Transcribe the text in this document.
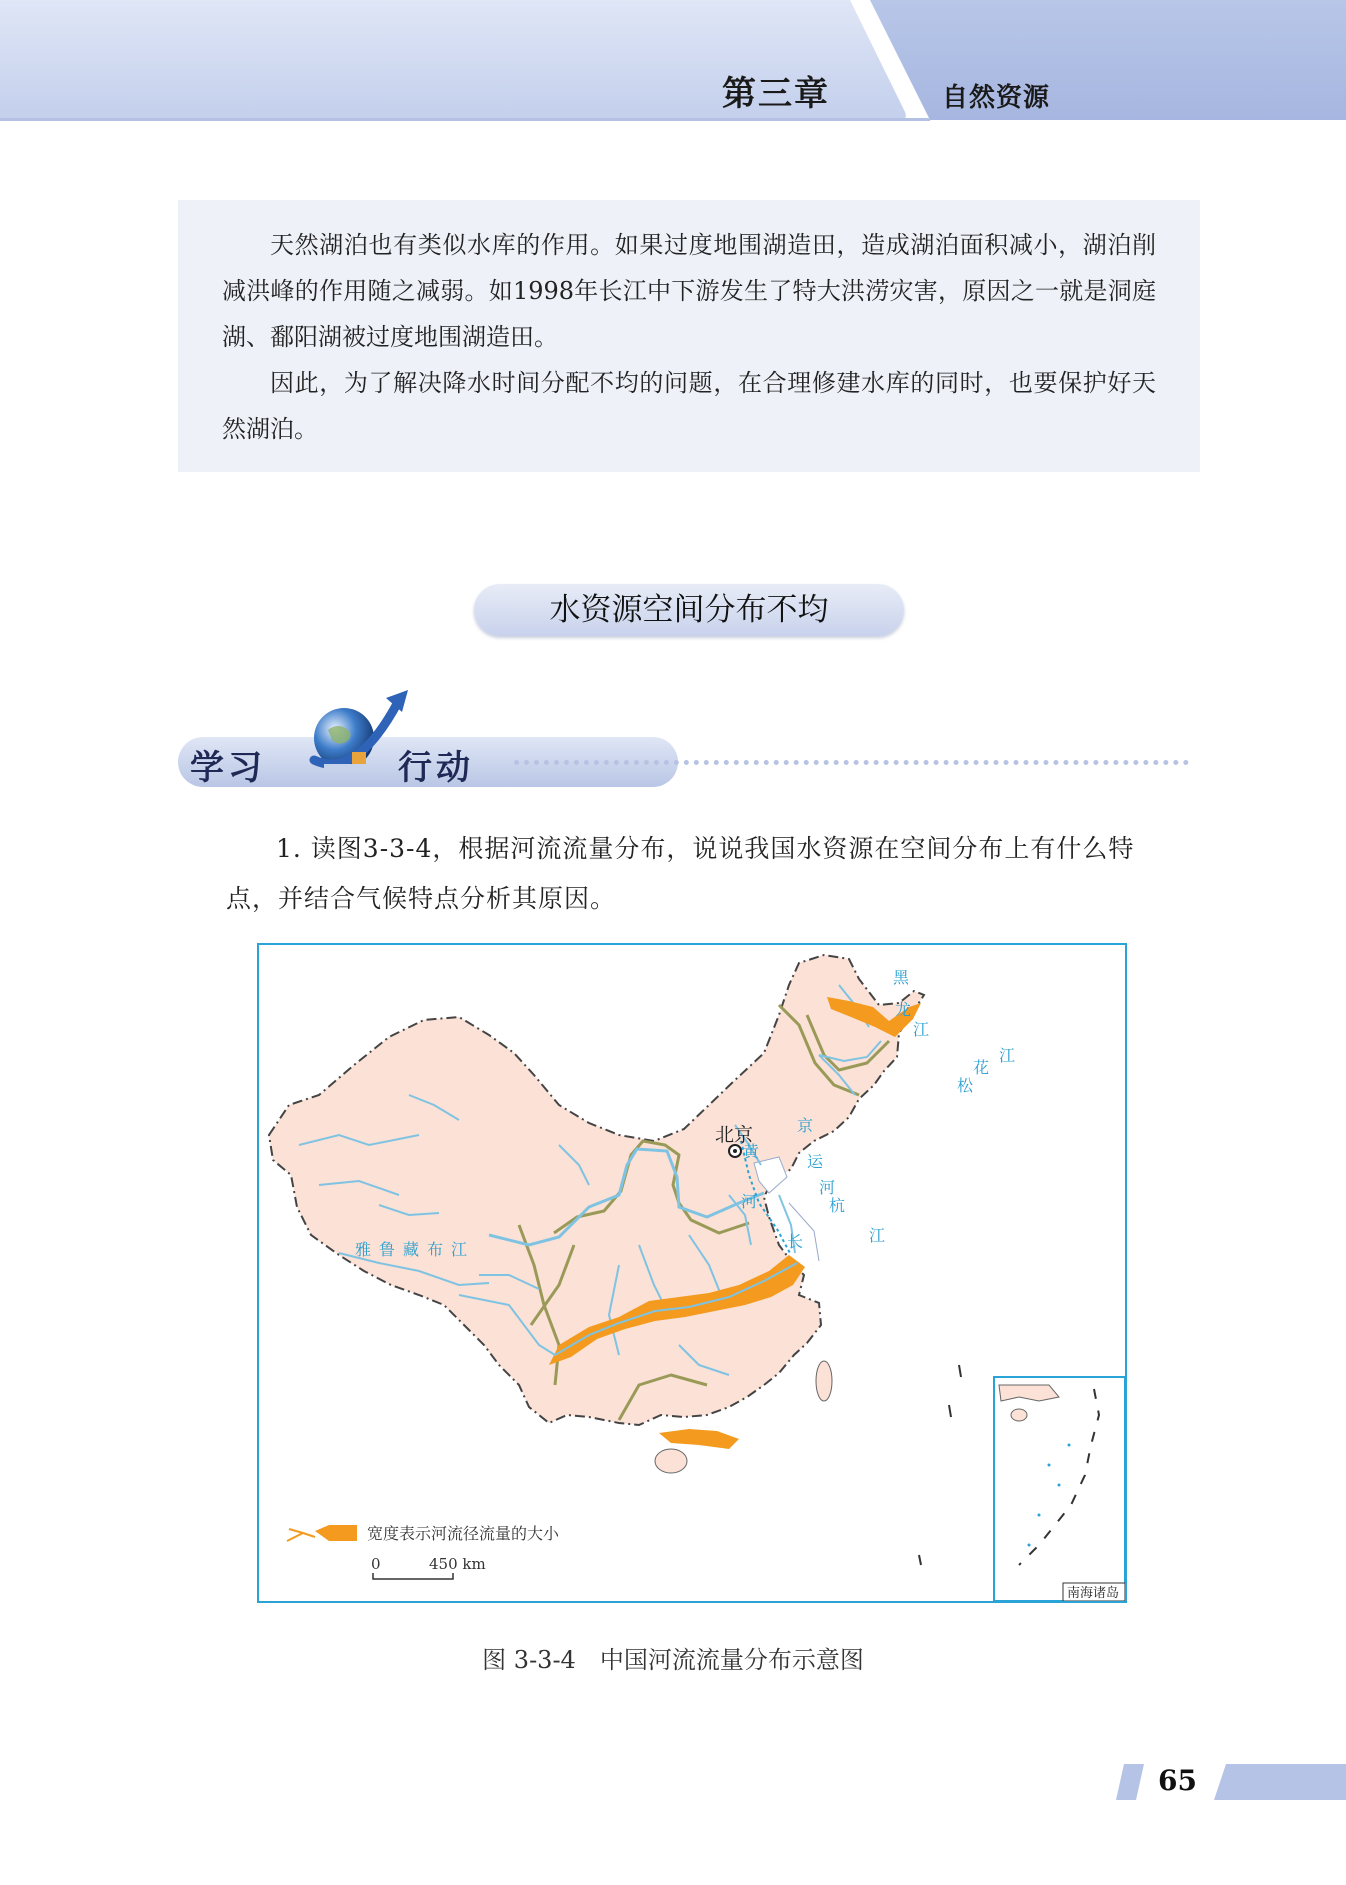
第三章	自然资源

天然湖泊也有类似水库的作用。如果过度地围湖造田，造成湖泊面积减小，湖泊削减洪峰的作用随之减弱。如1998年长江中下游发生了特大洪涝灾害，原因之一就是洞庭湖、鄱阳湖被过度地围湖造田。

因此，为了解决降水时间分配不均的问题，在合理修建水库的同时，也要保护好天然湖泊。

水资源空间分布不均
学习	行动

1. 读图3-3-4，根据河流流量分布，说说我国水资源在空间分布上有什么特点，并结合气候特点分析其原因。

北京
黑
龙
江
松
花
江
黄
河
长	江
雅鲁藏布江
运
河
京
杭
宽度表示河流径流量的大小
0	450 km
南海诸岛
图 3-3-4　中国河流流量分布示意图
65
